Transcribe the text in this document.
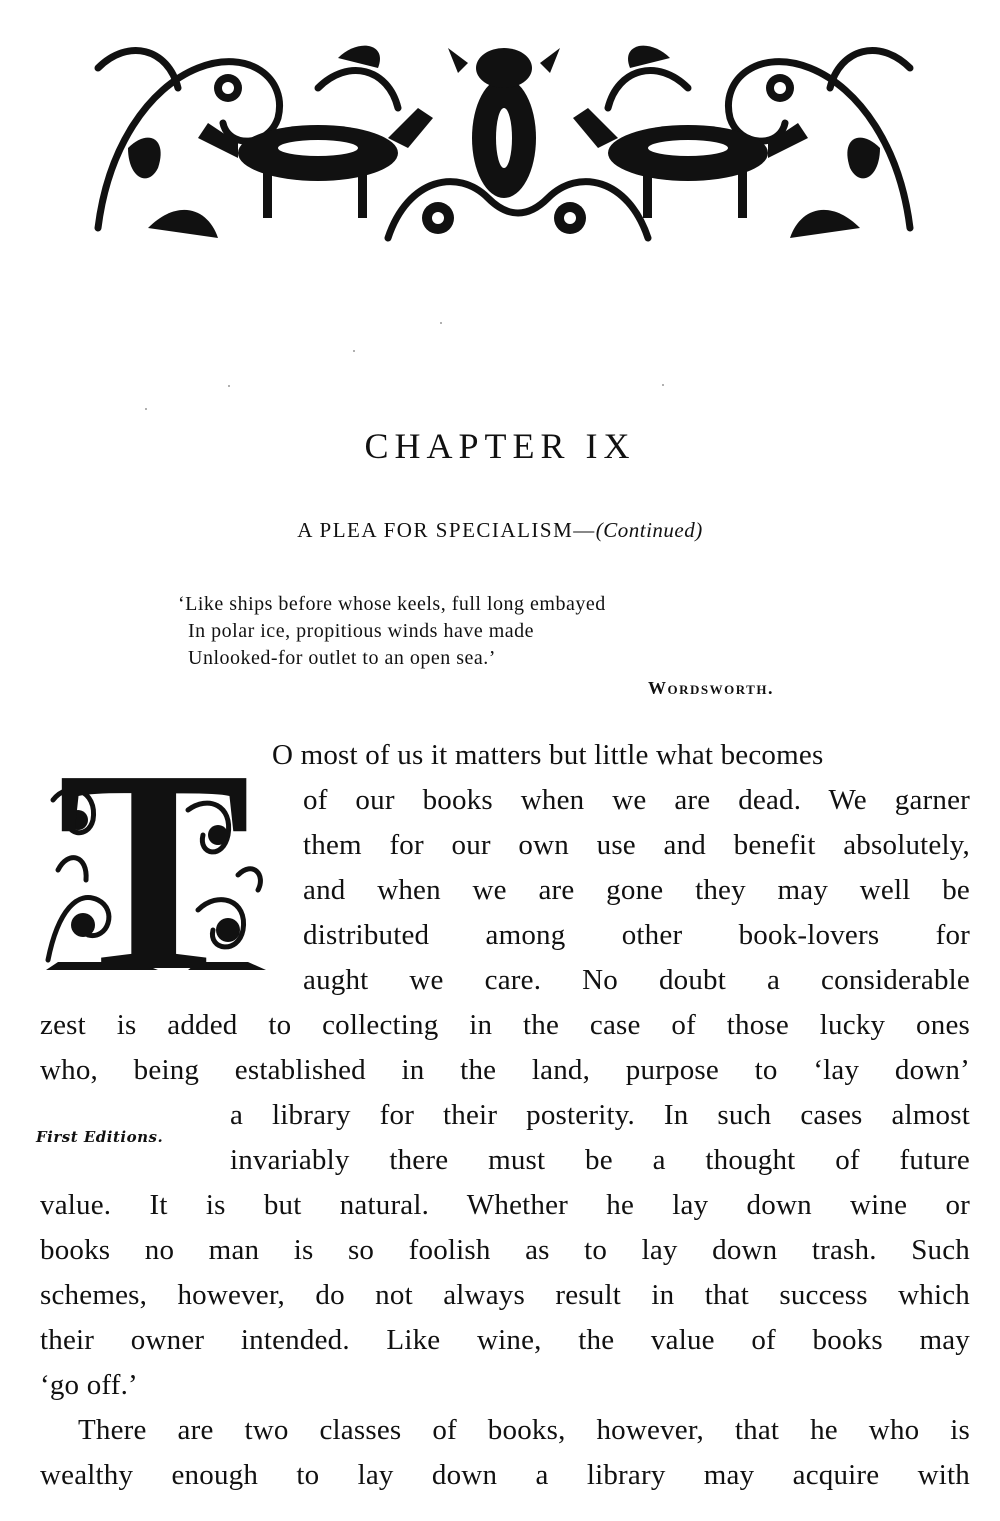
CHAPTER IX

A PLEA FOR SPECIALISM—(Continued)

‘Like ships before whose keels, full long embayed
In polar ice, propitious winds have made
Unlooked-for outlet to an open sea.’
Wordsworth.
T O most of us it matters but little what becomes
of our books when we are dead. We garner
them for our own use and benefit absolutely,
and when we are gone they may well be
distributed among other book-lovers for
aught we care. No doubt a considerable
zest is added to collecting in the case of those lucky ones
who, being established in the land, purpose to ‘lay down’
a library for their posterity. In such cases almost
invariably there must be a thought of future
value. It is but natural. Whether he lay down wine or
books no man is so foolish as to lay down trash. Such
schemes, however, do not always result in that success which
their owner intended. Like wine, the value of books may
‘go off.’
There are two classes of books, however, that he who is
wealthy enough to lay down a library may acquire with
First Editions.
